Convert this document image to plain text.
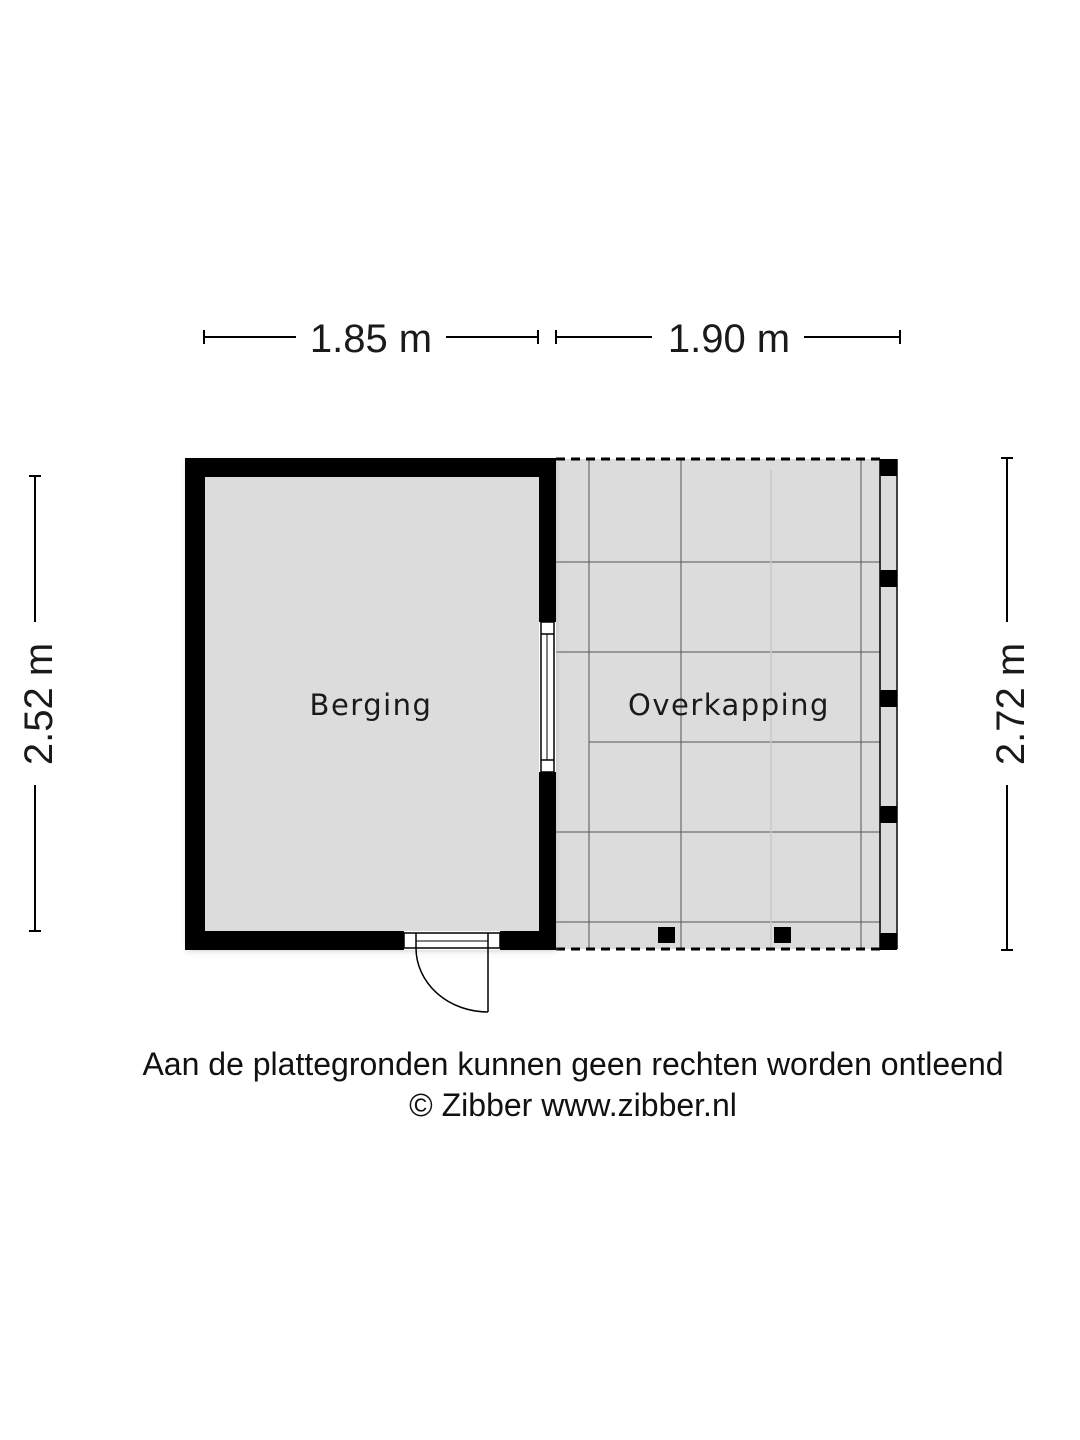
1.85 m	1.90 m
2.52 m	2.72 m
Berging	Overkapping
Aan de plattegronden kunnen geen rechten worden ontleend
© Zibber www.zibber.nl
